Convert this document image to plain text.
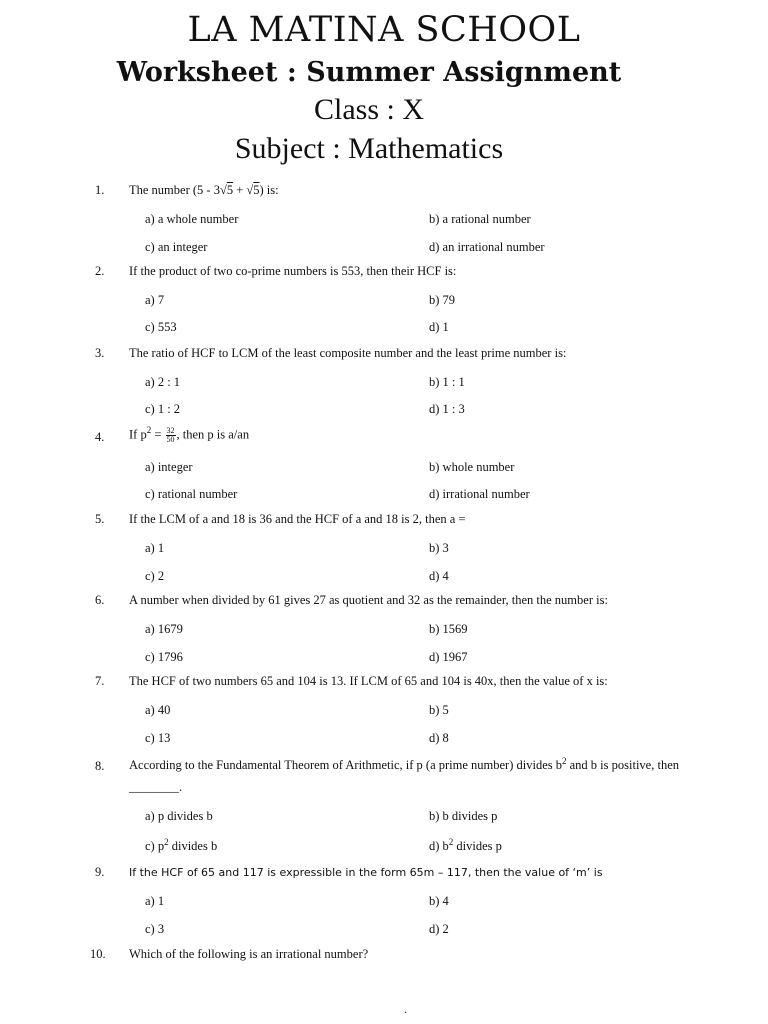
LA MATINA SCHOOL
Worksheet : Summer Assignment
Class : X
Subject : Mathematics
1. The number (5 - 3√5 + √5) is:
a) a whole number	b) a rational number
c) an integer	d) an irrational number
2. If the product of two co-prime numbers is 553, then their HCF is:
a) 7	b) 79
c) 553	d) 1
3. The ratio of HCF to LCM of the least composite number and the least prime number is:
a) 2 : 1	b) 1 : 1
c) 1 : 2	d) 1 : 3
4. If $p^2 = \frac{32}{50}$ , then p is a/an
a) integer	b) whole number
c) rational number	d) irrational number
5. If the LCM of a and 18 is 36 and the HCF of a and 18 is 2, then a =
a) 1	b) 3
c) 2	d) 4
6. A number when divided by 61 gives 27 as quotient and 32 as the remainder, then the number is:
a) 1679	b) 1569
c) 1796	d) 1967
7. The HCF of two numbers 65 and 104 is 13. If LCM of 65 and 104 is 40x, then the value of x is:
a) 40	b) 5
c) 13	d) 8
8. According to the Fundamental Theorem of Arithmetic, if p (a prime number) divides $b^2$ and b is positive, then
________.
a) p divides b	b) b divides p
c) $p^2$ divides b	d) $b^2$ divides p
9. If the HCF of 65 and 117 is expressible in the form 65m – 117, then the value of ‘m’ is
a) 1	b) 4
c) 3	d) 2
10. Which of the following is an irrational number?
.
